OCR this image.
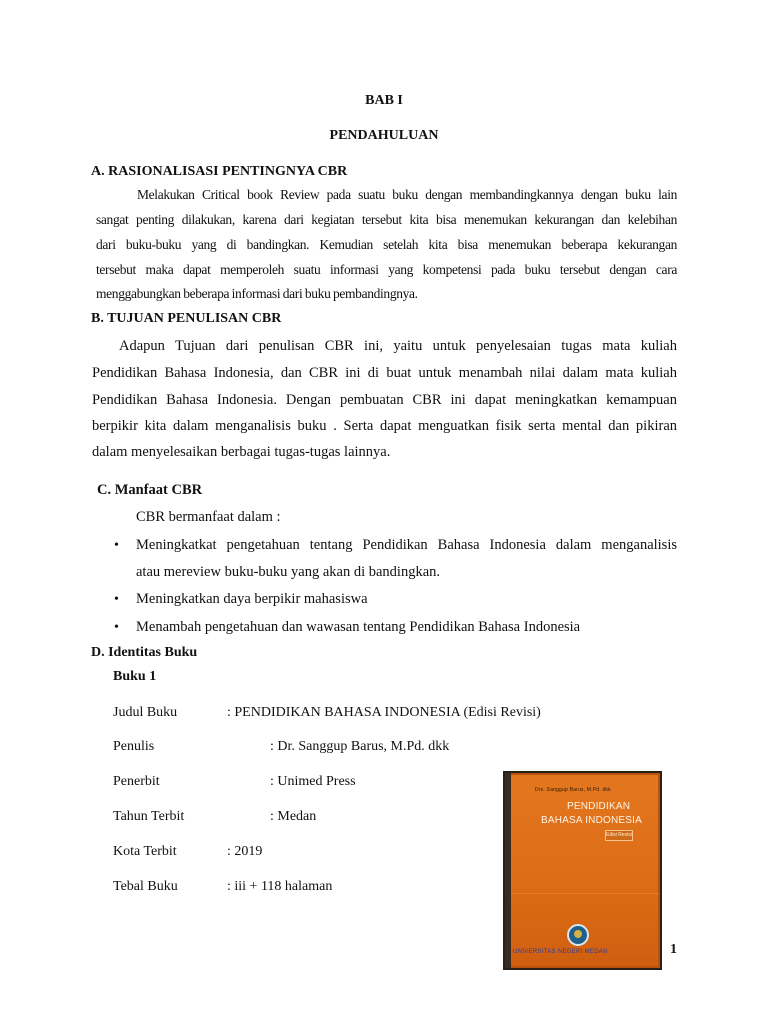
BAB I
PENDAHULUAN
A. RASIONALISASI PENTINGNYA CBR
Melakukan Critical book Review pada suatu buku dengan membandingkannya dengan buku lain
sangat penting dilakukan, karena dari kegiatan tersebut kita bisa menemukan kekurangan dan kelebihan
dari buku-buku yang di bandingkan. Kemudian setelah kita bisa menemukan beberapa kekurangan
tersebut maka dapat memperoleh suatu informasi yang kompetensi pada buku tersebut dengan cara
menggabungkan beberapa informasi dari buku pembandingnya.
B. TUJUAN PENULISAN CBR
Adapun Tujuan dari penulisan CBR ini, yaitu untuk penyelesaian tugas mata kuliah
Pendidikan Bahasa Indonesia, dan CBR ini di buat untuk menambah nilai dalam mata kuliah
Pendidikan Bahasa Indonesia. Dengan pembuatan CBR ini dapat meningkatkan kemampuan
berpikir kita dalam menganalisis buku . Serta dapat menguatkan fisik serta mental dan pikiran
dalam menyelesaikan berbagai tugas-tugas lainnya.
C. Manfaat CBR
CBR bermanfaat dalam :
• Meningkatkat pengetahuan tentang Pendidikan Bahasa Indonesia dalam menganalisis
atau mereview buku-buku yang akan di bandingkan.
• Meningkatkan daya berpikir mahasiswa
• Menambah pengetahuan dan wawasan tentang Pendidikan Bahasa Indonesia
D. Identitas Buku
Buku 1
Judul Buku	: PENDIDIKAN BAHASA INDONESIA (Edisi Revisi)
Penulis	: Dr. Sanggup Barus, M.Pd. dkk
Penerbit	: Unimed Press
Tahun Terbit	: Medan
Kota Terbit	: 2019
Tebal Buku	: iii + 118 halaman
Drs. Sanggup Barus, M.Pd. dkk
PENDIDIKAN
BAHASA INDONESIA
Edisi Revisi
UNIVERSITAS NEGERI MEDAN	1
